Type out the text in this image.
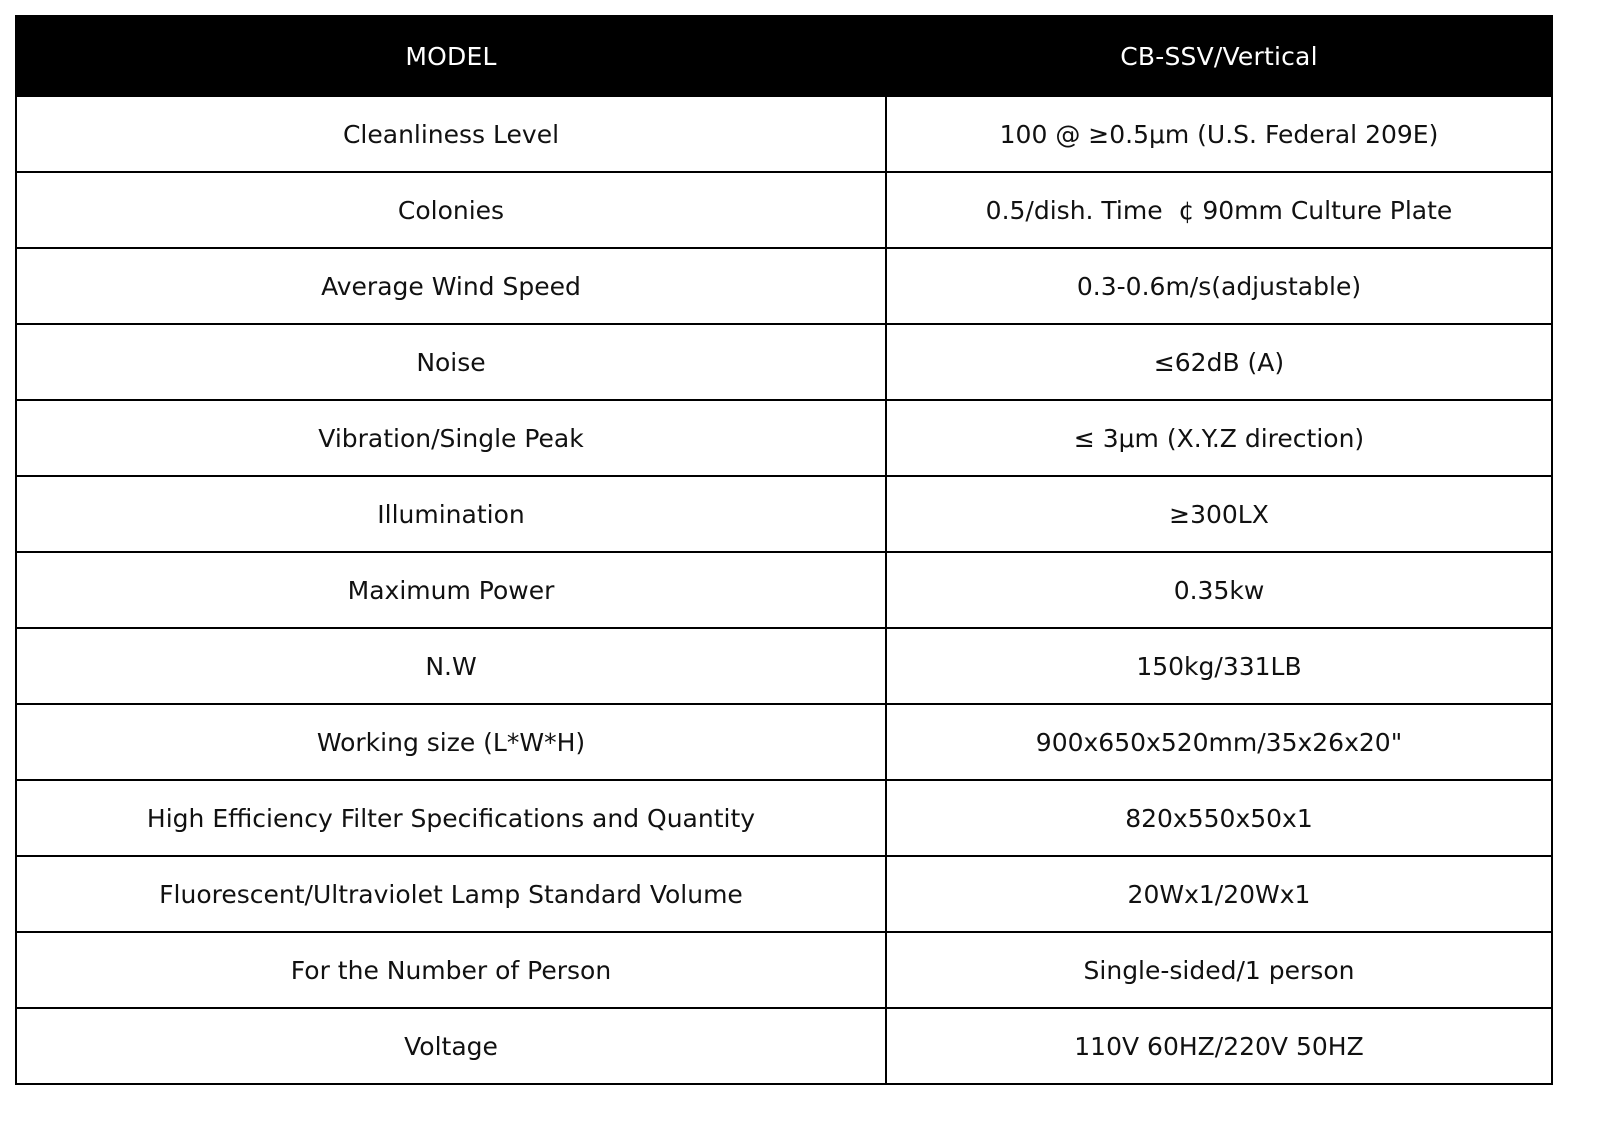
MODEL	CB-SSV/Vertical
Cleanliness Level	100 @ ≥0.5μm (U.S. Federal 209E)
Colonies	0.5/dish. Time  ¢ 90mm Culture Plate
Average Wind Speed	0.3-0.6m/s(adjustable)
Noise	≤62dB (A)
Vibration/Single Peak	≤ 3μm (X.Y.Z direction)
Illumination	≥300LX
Maximum Power	0.35kw
N.W	150kg/331LB
Working size (L*W*H)	900x650x520mm/35x26x20"
High Efficiency Filter Specifications and Quantity	820x550x50x1
Fluorescent/Ultraviolet Lamp Standard Volume	20Wx1/20Wx1
For the Number of Person	Single-sided/1 person
Voltage	110V 60HZ/220V 50HZ
